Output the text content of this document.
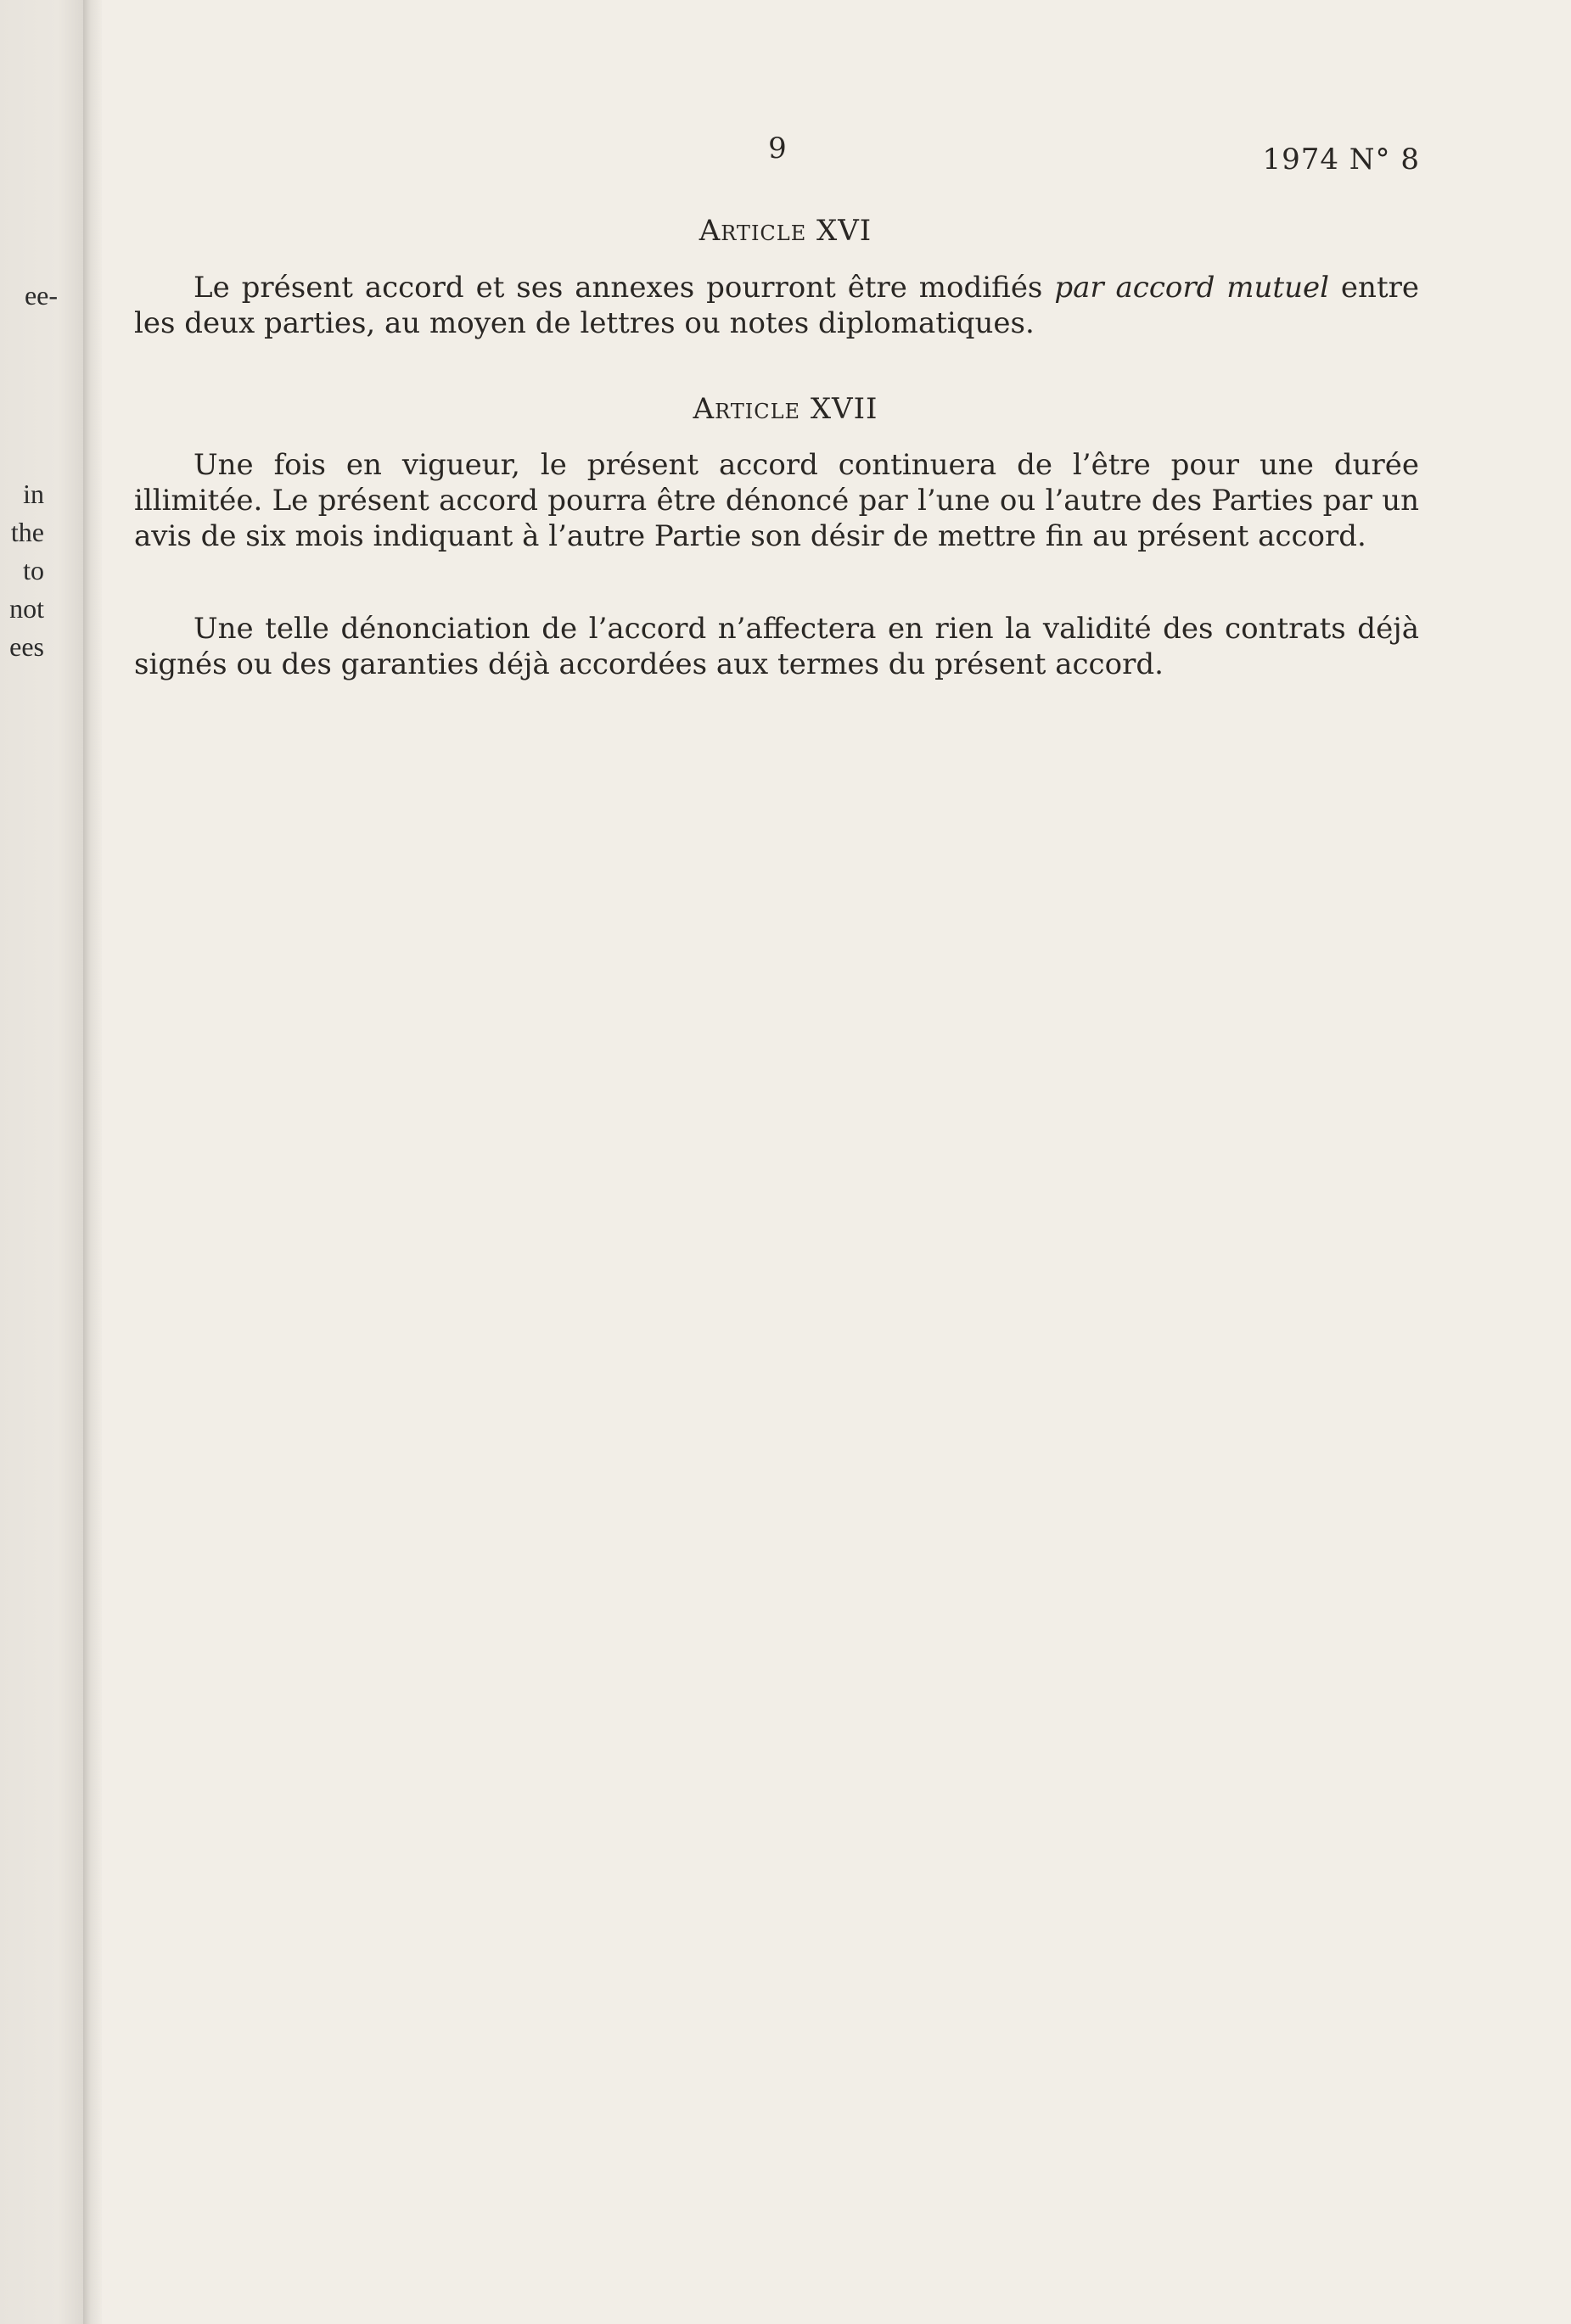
ee-
in
the
to
not
ees
9	1974 N° 8
Article XVI

Le présent accord et ses annexes pourront être modifiés par accord mutuel entre les deux parties, au moyen de lettres ou notes diplomatiques.

Article XVII

Une fois en vigueur, le présent accord continuera de l’être pour une durée illimitée. Le présent accord pourra être dénoncé par l’une ou l’autre des Parties par un avis de six mois indiquant à l’autre Partie son désir de mettre fin au présent accord.

Une telle dénonciation de l’accord n’affectera en rien la validité des contrats déjà signés ou des garanties déjà accordées aux termes du présent accord.
